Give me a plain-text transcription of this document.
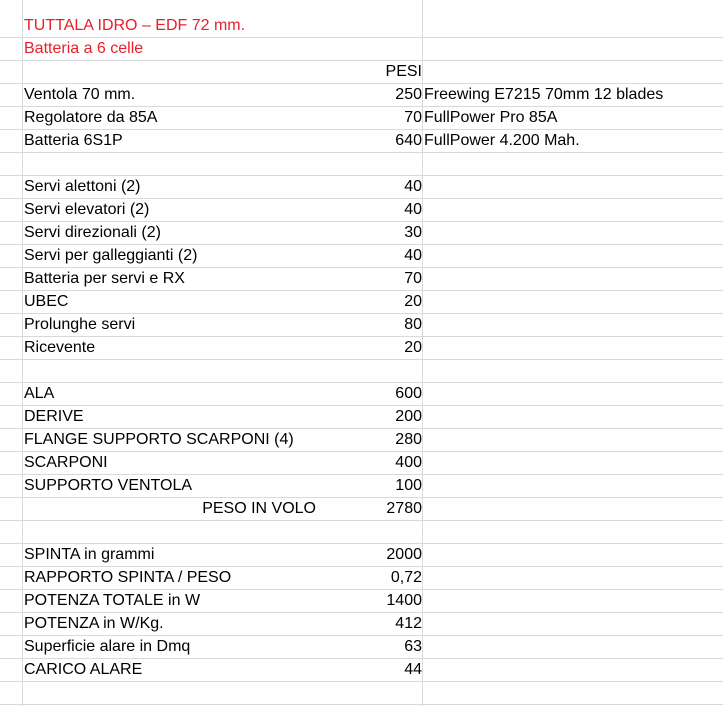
TUTTALA IDRO – EDF 72 mm.
Batteria a 6 celle
PESI
Ventola 70 mm.	250 Freewing E7215 70mm 12 blades
Regolatore da 85A	70 FullPower Pro 85A
Batteria 6S1P	640 FullPower 4.200 Mah.
Servi alettoni (2)	40
Servi elevatori (2)	40
Servi direzionali (2)	30
Servi per galleggianti (2)	40
Batteria per servi e RX	70
UBEC	20
Prolunghe servi	80
Ricevente	20
ALA	600
DERIVE	200
FLANGE SUPPORTO SCARPONI (4)	280
SCARPONI	400
SUPPORTO VENTOLA	100
PESO IN VOLO	2780
SPINTA in grammi	2000
RAPPORTO SPINTA / PESO	0,72
POTENZA TOTALE in W	1400
POTENZA in W/Kg.	412
Superficie alare in Dmq	63
CARICO ALARE	44
